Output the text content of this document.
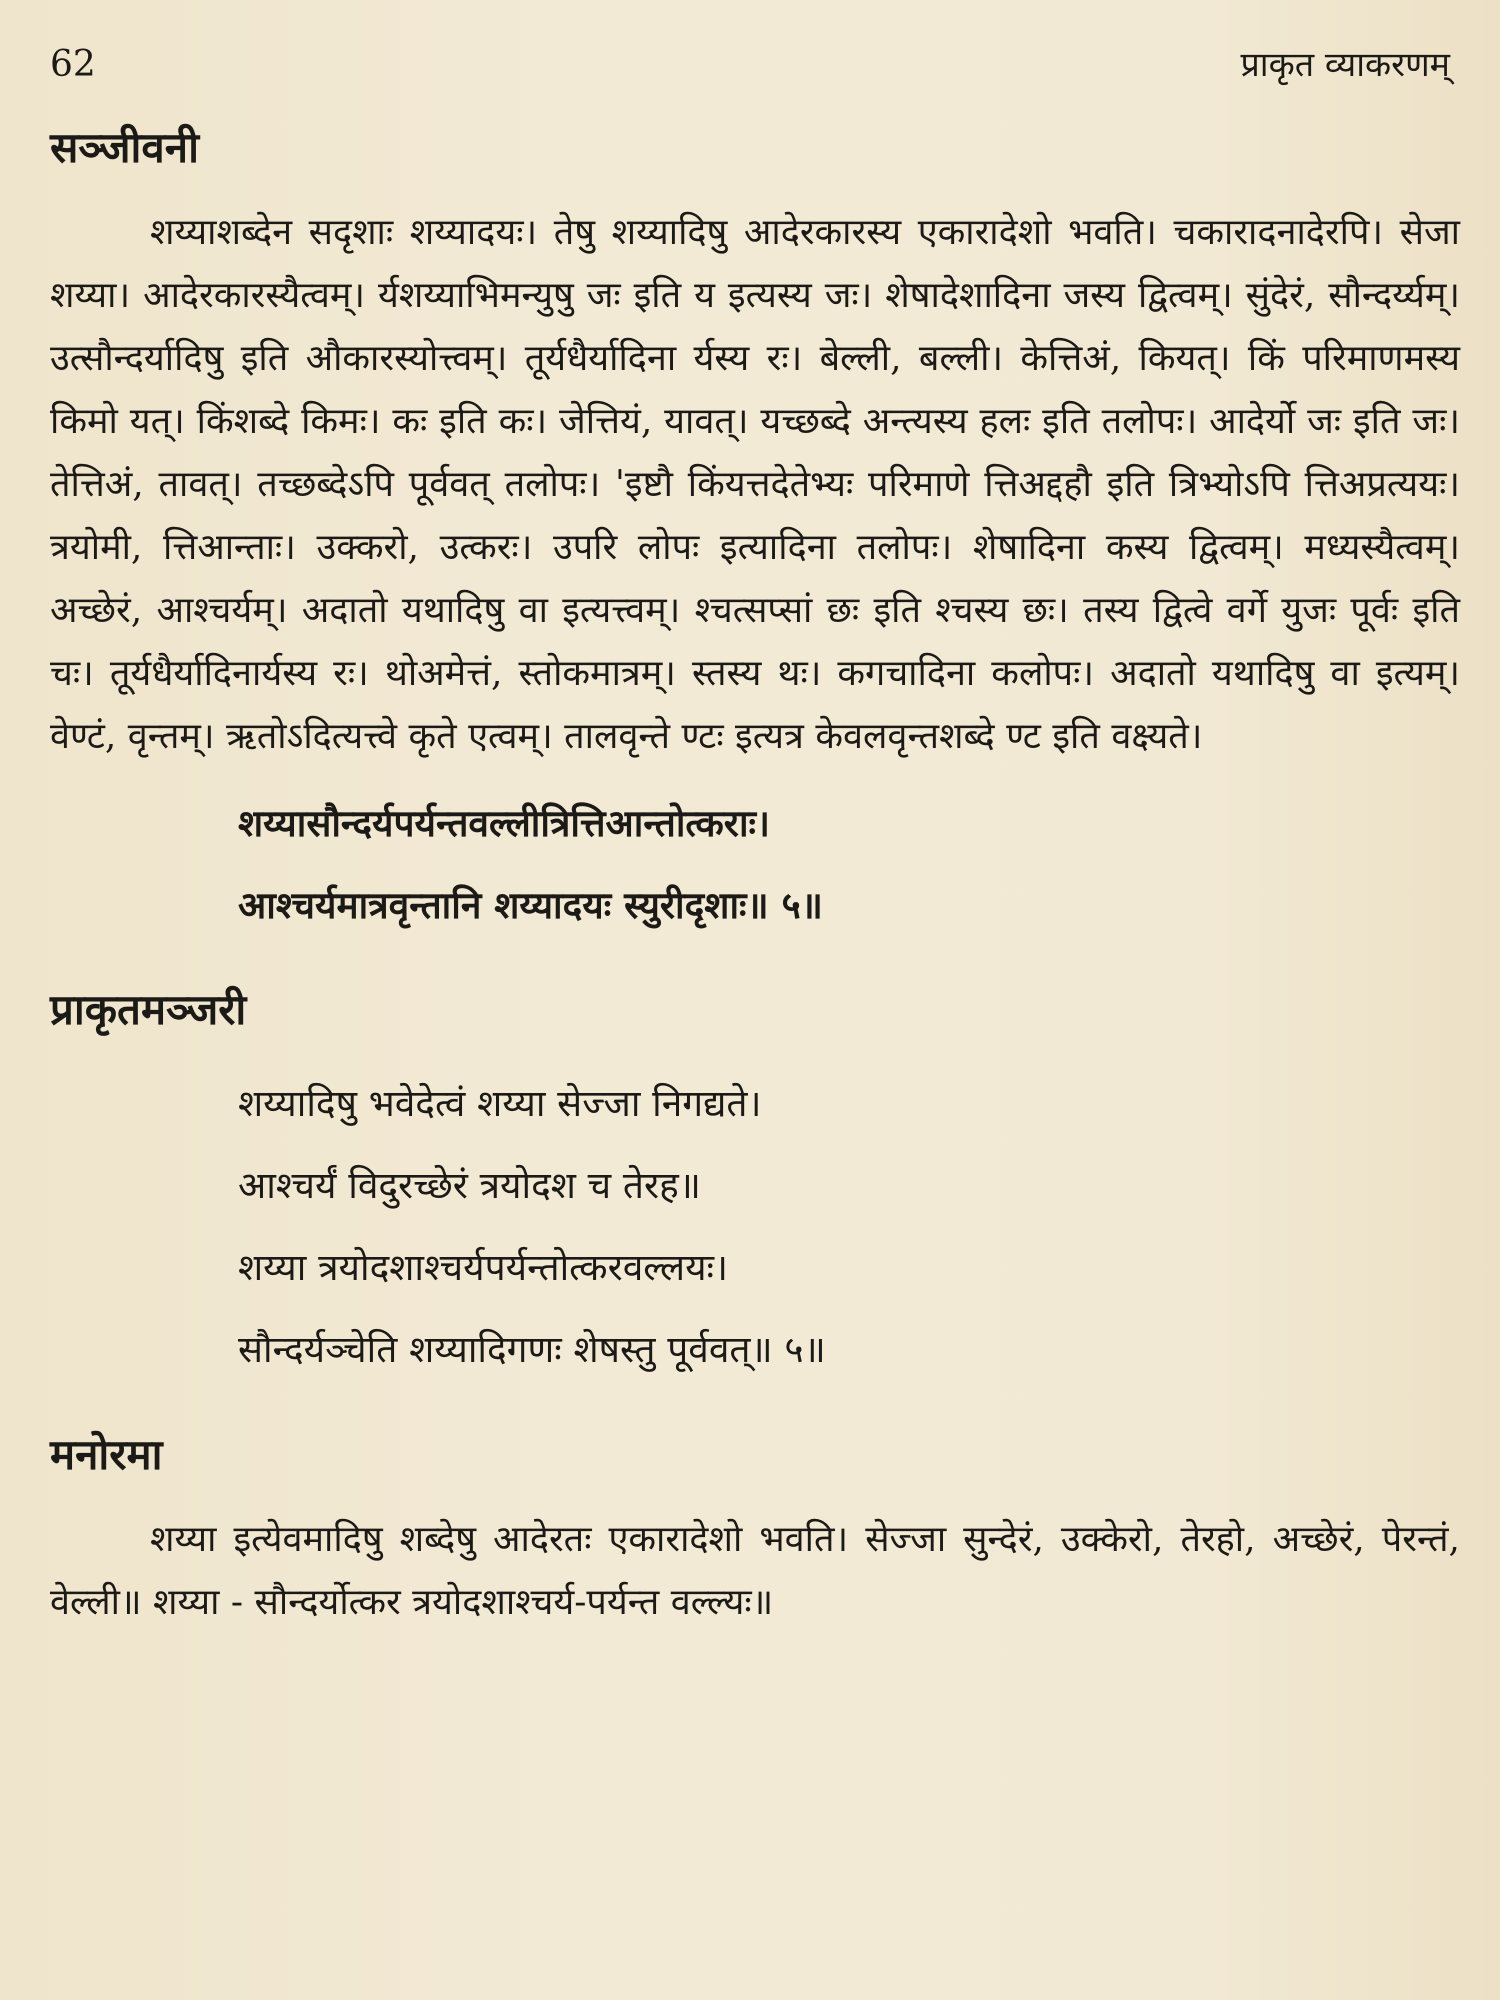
62	प्राकृत व्याकरणम्
सञ्जीवनी

शय्याशब्देन सदृशाः शय्यादयः। तेषु शय्यादिषु आदेरकारस्य एकारादेशो भवति। चकारादनादेरपि। सेजा शय्या। आदेरकारस्यैत्वम्। र्यशय्याभिमन्युषु जः इति य इत्यस्य जः। शेषादेशादिना जस्य द्वित्वम्। सुंदेरं, सौन्दर्य्यम्। उत्सौन्दर्यादिषु इति औकारस्योत्त्वम्। तूर्यधैर्यादिना र्यस्य रः। बेल्ली, बल्ली। केत्तिअं, कियत्। किं परिमाणमस्य किमो यत्। किंशब्दे किमः। कः इति कः। जेत्तियं, यावत्। यच्छब्दे अन्त्यस्य हलः इति तलोपः। आदेर्यो जः इति जः। तेत्तिअं, तावत्। तच्छब्देऽपि पूर्ववत् तलोपः। 'इष्टौ किंयत्तदेतेभ्यः परिमाणे त्तिअद्दहौ इति त्रिभ्योऽपि त्तिअप्रत्ययः। त्रयोमी, त्तिआन्ताः। उक्करो, उत्करः। उपरि लोपः इत्यादिना तलोपः। शेषादिना कस्य द्वित्वम्। मध्यस्यैत्वम्। अच्छेरं, आश्चर्यम्। अदातो यथादिषु वा इत्यत्त्वम्। श्चत्सप्सां छः इति श्चस्य छः। तस्य द्वित्वे वर्गे युजः पूर्वः इति चः। तूर्यधैर्यादिनार्यस्य रः। थोअमेत्तं, स्तोकमात्रम्। स्तस्य थः। कगचादिना कलोपः। अदातो यथादिषु वा इत्यम्। वेण्टं, वृन्तम्। ऋतोऽदित्यत्त्वे कृते एत्वम्। तालवृन्ते ण्टः इत्यत्र केवलवृन्तशब्दे ण्ट इति वक्ष्यते।

शय्यासौन्दर्यपर्यन्तवल्लीत्रित्तिआन्तोत्कराः।
आश्चर्यमात्रवृन्तानि शय्यादयः स्युरीदृशाः॥ ५॥
प्राकृतमञ्जरी
शय्यादिषु भवेदेत्वं शय्या सेज्जा निगद्यते।
आश्चर्यं विदुरच्छेरं त्रयोदश च तेरह॥
शय्या त्रयोदशाश्चर्यपर्यन्तोत्करवल्लयः।
सौन्दर्यञ्चेति शय्यादिगणः शेषस्तु पूर्ववत्॥ ५॥
मनोरमा

शय्या इत्येवमादिषु शब्देषु आदेरतः एकारादेशो भवति। सेज्जा सुन्देरं, उक्केरो, तेरहो, अच्छेरं, पेरन्तं, वेल्ली॥ शय्या - सौन्दर्योत्कर त्रयोदशाश्चर्य-पर्यन्त वल्ल्यः॥
